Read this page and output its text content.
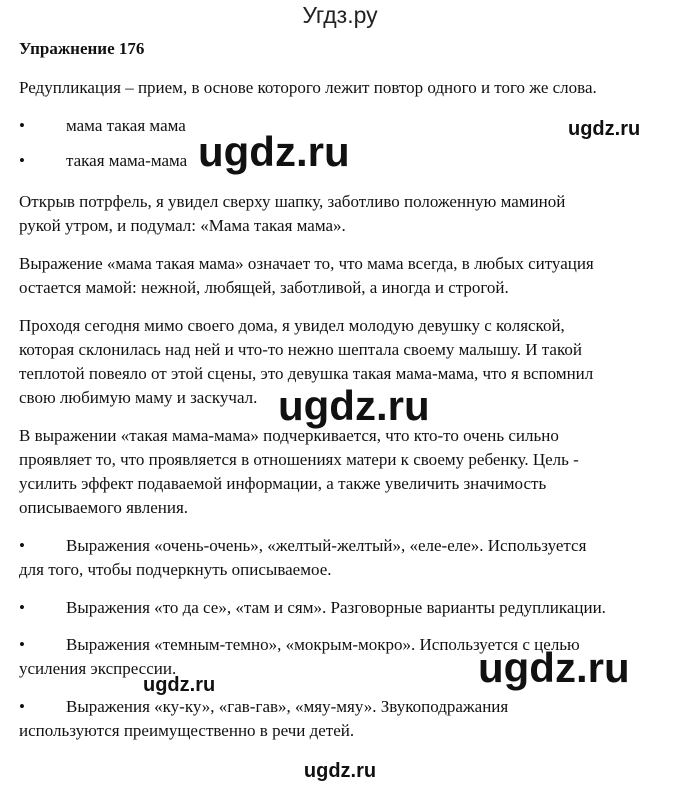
Угдз.ру
Упражнение 176
Редупликация – прием, в основе которого лежит повтор одного и того же слова.
• мама такая мама
• такая мама-мама
Открыв потрфель, я увидел сверху шапку, заботливо положенную маминой
рукой утром, и подумал: «Мама такая мама».
Выражение «мама такая мама» означает то, что мама всегда, в любых ситуация
остается мамой: нежной, любящей, заботливой, а иногда и строгой.
Проходя сегодня мимо своего дома, я увидел молодую девушку с коляской,
которая склонилась над ней и что-то нежно шептала своему малышу. И такой
теплотой повеяло от этой сцены, это девушка такая мама-мама, что я вспомнил
свою любимую маму и заскучал.
В выражении «такая мама-мама» подчеркивается, что кто-то очень сильно
проявляет то, что проявляется в отношениях матери к своему ребенку. Цель -
усилить эффект подаваемой информации, а также увеличить значимость
описываемого явления.
• Выражения «очень-очень», «желтый-желтый», «еле-еле». Используется
для того, чтобы подчеркнуть описываемое.
• Выражения «то да се», «там и сям». Разговорные варианты редупликации.
• Выражения «темным-темно», «мокрым-мокро». Используется с целью
усиления экспрессии.
• Выражения «ку-ку», «гав-гав», «мяу-мяу». Звукоподражания
используются преимущественно в речи детей.
ugdz.ru	ugdz.ru
ugdz.ru
ugdz.ru
ugdz.ru
ugdz.ru
